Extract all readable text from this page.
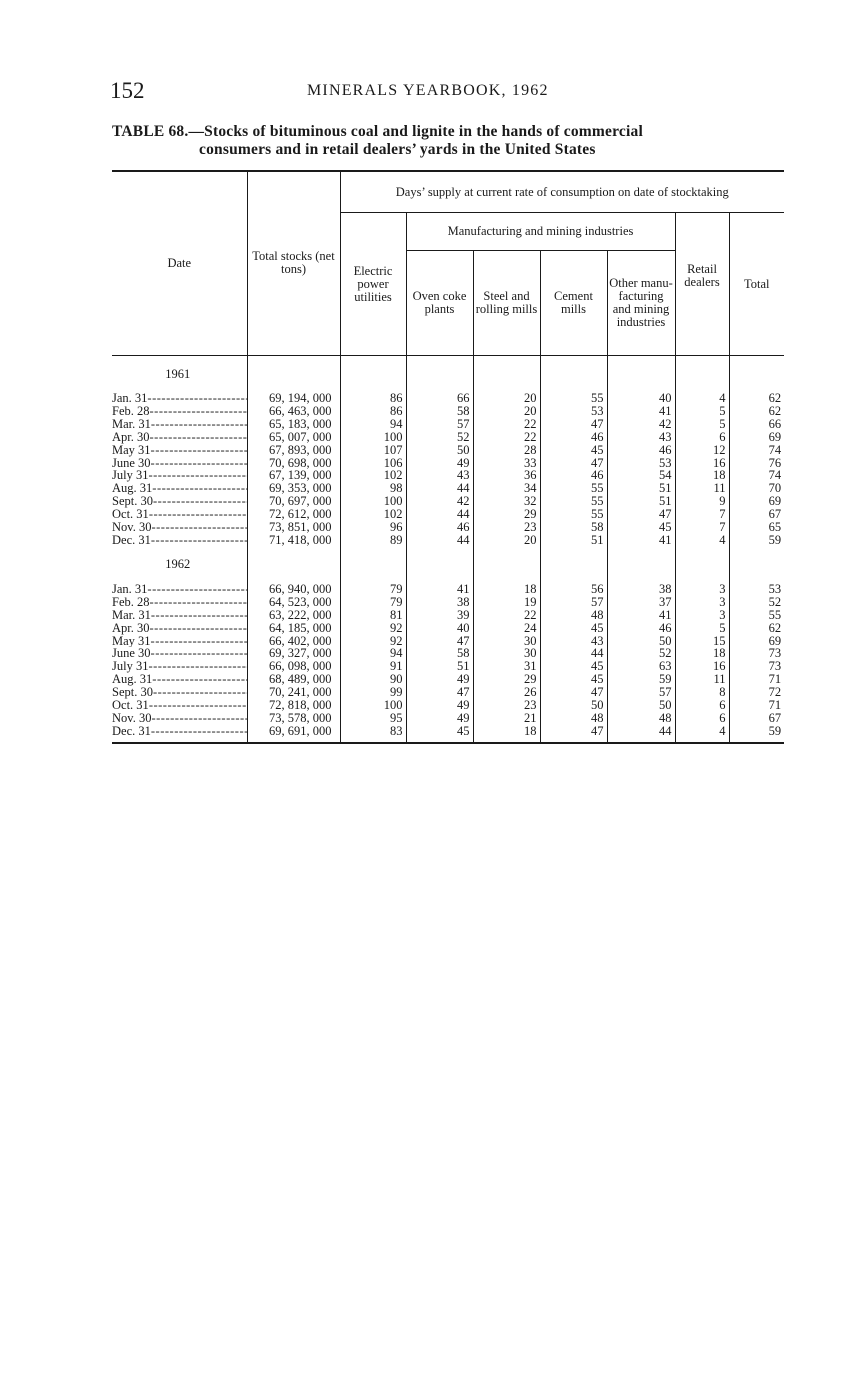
152	MINERALS YEARBOOK, 1962
TABLE 68.—Stocks of bituminous coal and lignite in the hands of commercial
consumers and in retail dealers’ yards in the United States
Date	Total stocks (net tons)	Days’ supply at current rate of consumption on date of stocktaking						
		Electric power utilities	Manufacturing and mining industries				Retail dealers	Total
			Oven coke plants	Steel and rolling mills	Cement mills	Other manu- facturing and mining industries		
1961								
Jan. 31 -----	69, 194, 000	86	66	20	55	40	4	62
Feb. 28 -----	66, 463, 000	86	58	20	53	41	5	62
Mar. 31 -----	65, 183, 000	94	57	22	47	42	5	66
Apr. 30 -----	65, 007, 000	100	52	22	46	43	6	69
May 31 -----	67, 893, 000	107	50	28	45	46	12	74
June 30 -----	70, 698, 000	106	49	33	47	53	16	76
July 31 -----	67, 139, 000	102	43	36	46	54	18	74
Aug. 31 -----	69, 353, 000	98	44	34	55	51	11	70
Sept. 30 -----	70, 697, 000	100	42	32	55	51	9	69
Oct. 31 -----	72, 612, 000	102	44	29	55	47	7	67
Nov. 30 -----	73, 851, 000	96	46	23	58	45	7	65
Dec. 31 -----	71, 418, 000	89	44	20	51	41	4	59
1962								
Jan. 31 -----	66, 940, 000	79	41	18	56	38	3	53
Feb. 28 -----	64, 523, 000	79	38	19	57	37	3	52
Mar. 31 -----	63, 222, 000	81	39	22	48	41	3	55
Apr. 30 -----	64, 185, 000	92	40	24	45	46	5	62
May 31 -----	66, 402, 000	92	47	30	43	50	15	69
June 30 -----	69, 327, 000	94	58	30	44	52	18	73
July 31 -----	66, 098, 000	91	51	31	45	63	16	73
Aug. 31 -----	68, 489, 000	90	49	29	45	59	11	71
Sept. 30 -----	70, 241, 000	99	47	26	47	57	8	72
Oct. 31 -----	72, 818, 000	100	49	23	50	50	6	71
Nov. 30 -----	73, 578, 000	95	49	21	48	48	6	67
Dec. 31 -----	69, 691, 000	83	45	18	47	44	4	59
